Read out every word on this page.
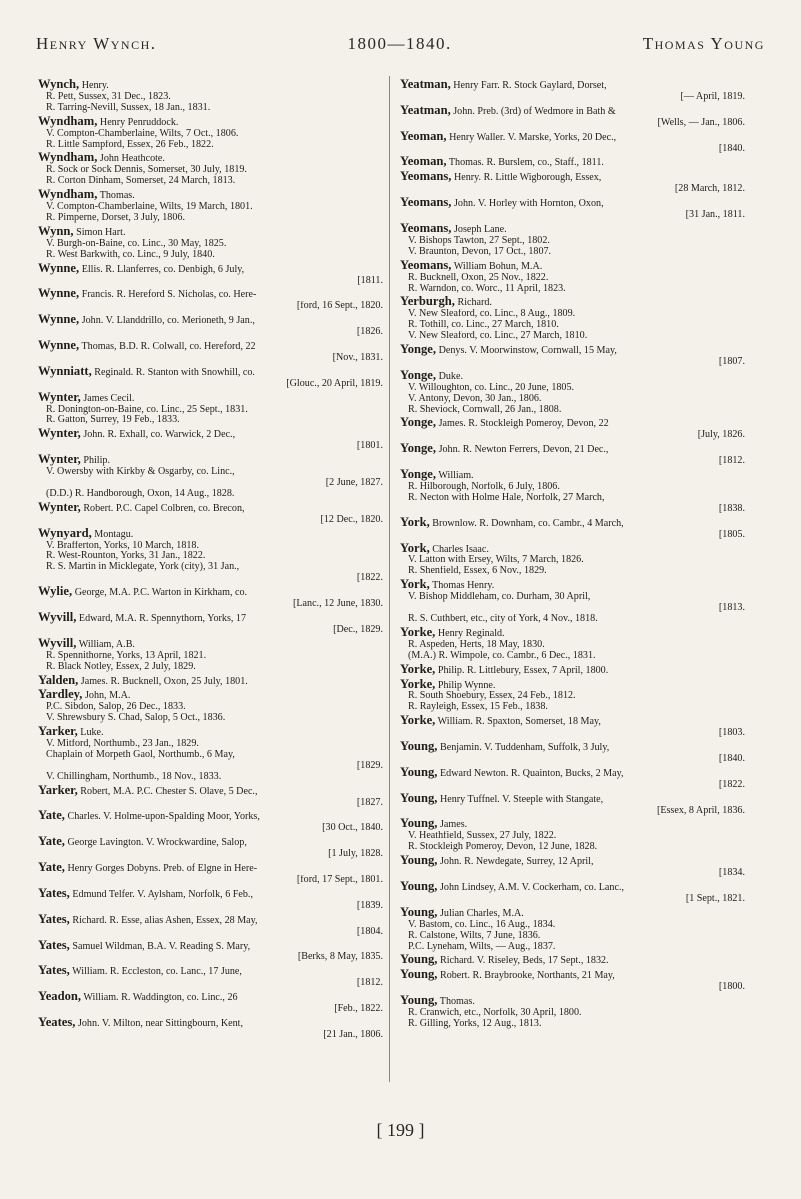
Henry Wynch.	1800—1840.	Thomas Young
Wynch, Henry.
R. Pett, Sussex, 31 Dec., 1823.
R. Tarring-Nevill, Sussex, 18 Jan., 1831.
Wyndham, Henry Penruddock.
V. Compton-Chamberlaine, Wilts, 7 Oct., 1806.
R. Little Sampford, Essex, 26 Feb., 1822.
Wyndham, John Heathcote.
R. Sock or Sock Dennis, Somerset, 30 July, 1819.
R. Corton Dinham, Somerset, 24 March, 1813.
Wyndham, Thomas.
V. Compton-Chamberlaine, Wilts, 19 March, 1801.
R. Pimperne, Dorset, 3 July, 1806.
Wynn, Simon Hart.
V. Burgh-on-Baine, co. Linc., 30 May, 1825.
R. West Barkwith, co. Linc., 9 July, 1840.
Wynne, Ellis. R. Llanferres, co. Denbigh, 6 July,
[1811.
Wynne, Francis. R. Hereford S. Nicholas, co. Here-
[ford, 16 Sept., 1820.
Wynne, John. V. Llanddrillo, co. Merioneth, 9 Jan.,
[1826.
Wynne, Thomas, B.D. R. Colwall, co. Hereford, 22
[Nov., 1831.
Wynniatt, Reginald. R. Stanton with Snowhill, co.
[Glouc., 20 April, 1819.
Wynter, James Cecil.
R. Donington-on-Baine, co. Linc., 25 Sept., 1831.
R. Gatton, Surrey, 19 Feb., 1833.
Wynter, John. R. Exhall, co. Warwick, 2 Dec.,
[1801.
Wynter, Philip.
V. Owersby with Kirkby & Osgarby, co. Linc.,
[2 June, 1827.
(D.D.) R. Handborough, Oxon, 14 Aug., 1828.
Wynter, Robert. P.C. Capel Colbren, co. Brecon,
[12 Dec., 1820.
Wynyard, Montagu.
V. Brafferton, Yorks, 10 March, 1818.
R. West-Rounton, Yorks, 31 Jan., 1822.
R. S. Martin in Micklegate, York (city), 31 Jan.,
[1822.
Wylie, George, M.A. P.C. Warton in Kirkham, co.
[Lanc., 12 June, 1830.
Wyvill, Edward, M.A. R. Spennythorn, Yorks, 17
[Dec., 1829.
Wyvill, William, A.B.
R. Spennithorne, Yorks, 13 April, 1821.
R. Black Notley, Essex, 2 July, 1829.
Yalden, James. R. Bucknell, Oxon, 25 July, 1801.
Yardley, John, M.A.
P.C. Sibdon, Salop, 26 Dec., 1833.
V. Shrewsbury S. Chad, Salop, 5 Oct., 1836.
Yarker, Luke.
V. Mitford, Northumb., 23 Jan., 1829.
Chaplain of Morpeth Gaol, Northumb., 6 May,
[1829.
V. Chillingham, Northumb., 18 Nov., 1833.
Yarker, Robert, M.A. P.C. Chester S. Olave, 5 Dec.,
[1827.
Yate, Charles. V. Holme-upon-Spalding Moor, Yorks,
[30 Oct., 1840.
Yate, George Lavington. V. Wrockwardine, Salop,
[1 July, 1828.
Yate, Henry Gorges Dobyns. Preb. of Elgne in Here-
[ford, 17 Sept., 1801.
Yates, Edmund Telfer. V. Aylsham, Norfolk, 6 Feb.,
[1839.
Yates, Richard. R. Esse, alias Ashen, Essex, 28 May,
[1804.
Yates, Samuel Wildman, B.A. V. Reading S. Mary,
[Berks, 8 May, 1835.
Yates, William. R. Eccleston, co. Lanc., 17 June,
[1812.
Yeadon, William. R. Waddington, co. Linc., 26
[Feb., 1822.
Yeates, John. V. Milton, near Sittingbourn, Kent,
[21 Jan., 1806.
Yeatman, Henry Farr. R. Stock Gaylard, Dorset,
[— April, 1819.
Yeatman, John. Preb. (3rd) of Wedmore in Bath &
[Wells, — Jan., 1806.
Yeoman, Henry Waller. V. Marske, Yorks, 20 Dec.,
[1840.
Yeoman, Thomas. R. Burslem, co., Staff., 1811.
Yeomans, Henry. R. Little Wigborough, Essex,
[28 March, 1812.
Yeomans, John. V. Horley with Hornton, Oxon,
[31 Jan., 1811.
Yeomans, Joseph Lane.
V. Bishops Tawton, 27 Sept., 1802.
V. Braunton, Devon, 17 Oct., 1807.
Yeomans, William Bohun, M.A.
R. Bucknell, Oxon, 25 Nov., 1822.
R. Warndon, co. Worc., 11 April, 1823.
Yerburgh, Richard.
V. New Sleaford, co. Linc., 8 Aug., 1809.
R. Tothill, co. Linc., 27 March, 1810.
V. New Sleaford, co. Linc., 27 March, 1810.
Yonge, Denys. V. Moorwinstow, Cornwall, 15 May,
[1807.
Yonge, Duke.
V. Willoughton, co. Linc., 20 June, 1805.
V. Antony, Devon, 30 Jan., 1806.
R. Sheviock, Cornwall, 26 Jan., 1808.
Yonge, James. R. Stockleigh Pomeroy, Devon, 22
[July, 1826.
Yonge, John. R. Newton Ferrers, Devon, 21 Dec.,
[1812.
Yonge, William.
R. Hilborough, Norfolk, 6 July, 1806.
R. Necton with Holme Hale, Norfolk, 27 March,
[1838.
York, Brownlow. R. Downham, co. Cambr., 4 March,
[1805.
York, Charles Isaac.
V. Latton with Ersey, Wilts, 7 March, 1826.
R. Shenfield, Essex, 6 Nov., 1829.
York, Thomas Henry.
V. Bishop Middleham, co. Durham, 30 April,
[1813.
R. S. Cuthbert, etc., city of York, 4 Nov., 1818.
Yorke, Henry Reginald.
R. Aspeden, Herts, 18 May, 1830.
(M.A.) R. Wimpole, co. Cambr., 6 Dec., 1831.
Yorke, Philip. R. Littlebury, Essex, 7 April, 1800.
Yorke, Philip Wynne.
R. South Shoebury, Essex, 24 Feb., 1812.
R. Rayleigh, Essex, 15 Feb., 1838.
Yorke, William. R. Spaxton, Somerset, 18 May,
[1803.
Young, Benjamin. V. Tuddenham, Suffolk, 3 July,
[1840.
Young, Edward Newton. R. Quainton, Bucks, 2 May,
[1822.
Young, Henry Tuffnel. V. Steeple with Stangate,
[Essex, 8 April, 1836.
Young, James.
V. Heathfield, Sussex, 27 July, 1822.
R. Stockleigh Pomeroy, Devon, 12 June, 1828.
Young, John. R. Newdegate, Surrey, 12 April,
[1834.
Young, John Lindsey, A.M. V. Cockerham, co. Lanc.,
[1 Sept., 1821.
Young, Julian Charles, M.A.
V. Bastom, co. Linc., 16 Aug., 1834.
R. Calstone, Wilts, 7 June, 1836.
P.C. Lyneham, Wilts, — Aug., 1837.
Young, Richard. V. Riseley, Beds, 17 Sept., 1832.
Young, Robert. R. Braybrooke, Northants, 21 May,
[1800.
Young, Thomas.
R. Cranwich, etc., Norfolk, 30 April, 1800.
R. Gilling, Yorks, 12 Aug., 1813.
[ 199 ]
